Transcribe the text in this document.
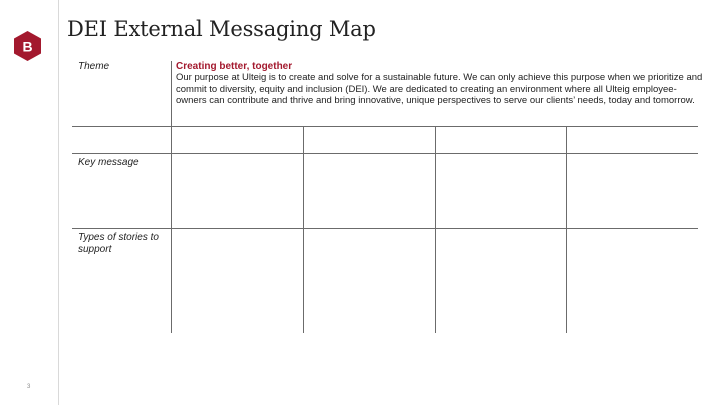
B
DEI External Messaging Map
3
Theme
Key message
Types of stories to support
Creating better, together
Our purpose at Ulteig is to create and solve for a sustainable future. We can only achieve this purpose when we prioritize and commit to diversity, equity and inclusion (DEI). We are dedicated to creating an environment where all Ulteig employee-owners can contribute and thrive and bring innovative, unique perspectives to serve our clients’ needs, today and tomorrow.
